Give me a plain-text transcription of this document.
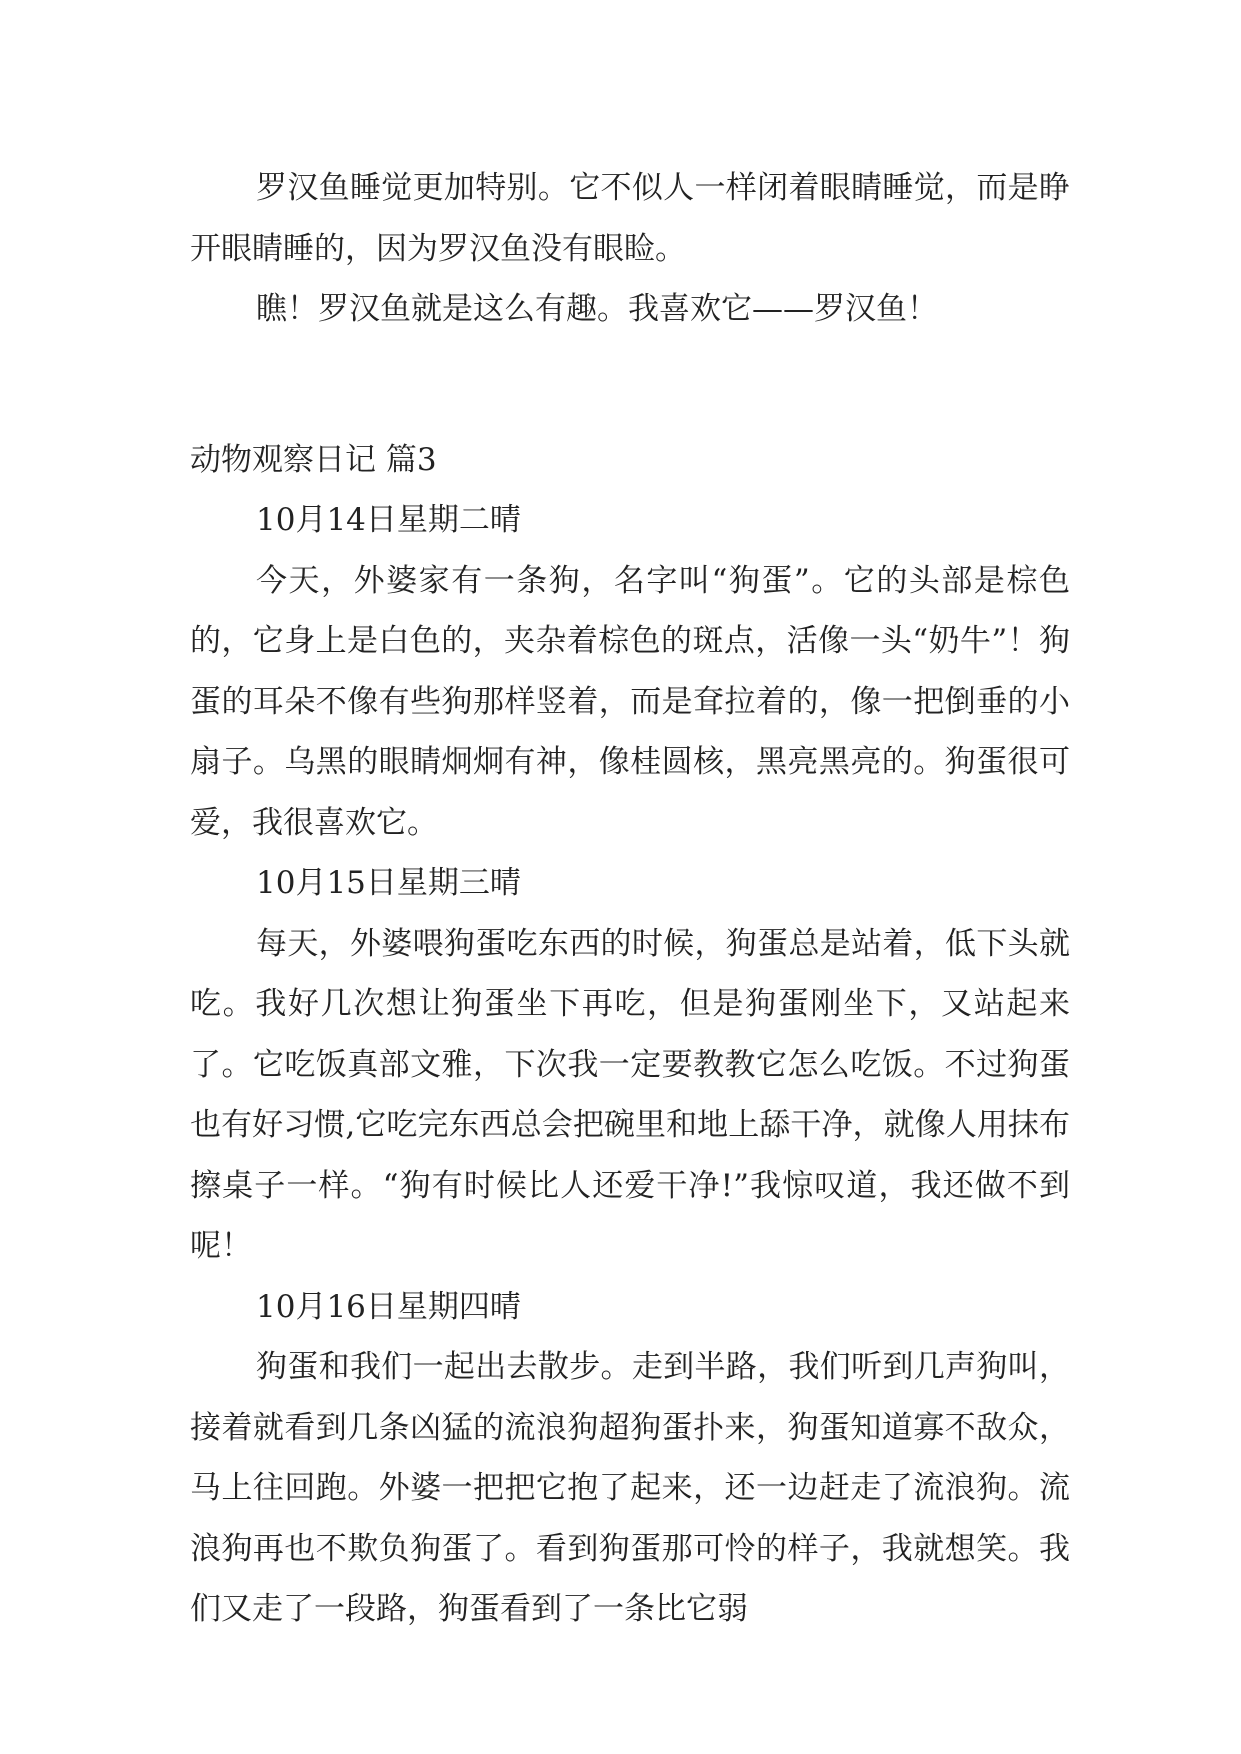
罗汉鱼睡觉更加特别。它不似人一样闭着眼睛睡觉，而是睁开眼睛睡的，因为罗汉鱼没有眼睑。

瞧！罗汉鱼就是这么有趣。我喜欢它——罗汉鱼！

动物观察日记 篇3

10月14日星期二晴

今天，外婆家有一条狗，名字叫“狗蛋”。它的头部是棕色的，它身上是白色的，夹杂着棕色的斑点，活像一头“奶牛”！狗蛋的耳朵不像有些狗那样竖着，而是耷拉着的，像一把倒垂的小扇子。乌黑的眼睛炯炯有神，像桂圆核，黑亮黑亮的。狗蛋很可爱，我很喜欢它。

10月15日星期三晴

每天，外婆喂狗蛋吃东西的时候，狗蛋总是站着，低下头就吃。我好几次想让狗蛋坐下再吃，但是狗蛋刚坐下，又站起来了。它吃饭真部文雅，下次我一定要教教它怎么吃饭。不过狗蛋也有好习惯,它吃完东西总会把碗里和地上舔干净，就像人用抹布擦桌子一样。“狗有时候比人还爱干净!”我惊叹道，我还做不到呢！

10月16日星期四晴

狗蛋和我们一起出去散步。走到半路，我们听到几声狗叫，接着就看到几条凶猛的流浪狗超狗蛋扑来，狗蛋知道寡不敌众，马上往回跑。外婆一把把它抱了起来，还一边赶走了流浪狗。流浪狗再也不欺负狗蛋了。看到狗蛋那可怜的样子，我就想笑。我们又走了一段路，狗蛋看到了一条比它弱
